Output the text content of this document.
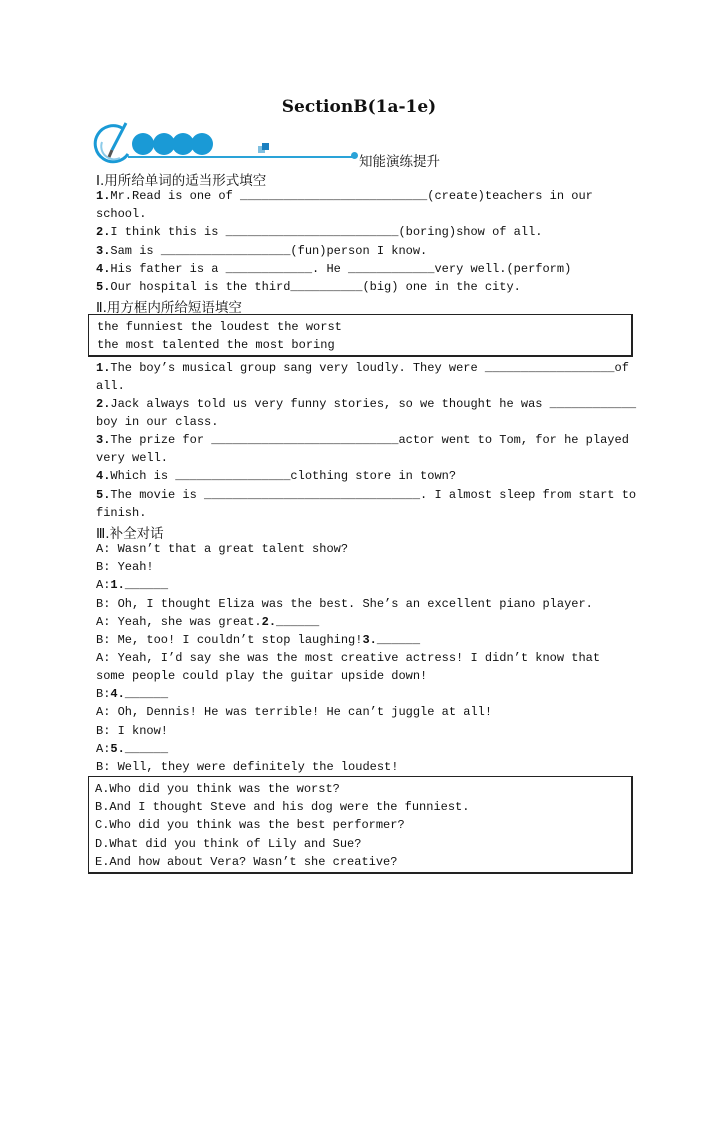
SectionB(1a-1e)
知能演练提升
Ⅰ.用所给单词的适当形式填空
1.Mr.Read is one of __________________________(create)teachers in our
school.
2.I think this is ________________________(boring)show of all.
3.Sam is __________________(fun)person I know.
4.His father is a ____________. He ____________very well.(perform)
5.Our hospital is the third__________(big) one in the city.
Ⅱ.用方框内所给短语填空
the funniest the loudest the worst
the most talented the most boring
1.The boy’s musical group sang very loudly. They were __________________of
all.
2.Jack always told us very funny stories, so we thought he was ____________
boy in our class.
3.The prize for __________________________actor went to Tom, for he played
very well.
4.Which is ________________clothing store in town?
5.The movie is ______________________________. I almost sleep from start to
finish.
Ⅲ.补全对话
A: Wasn’t that a great talent show?
B: Yeah!
A:1.______
B: Oh, I thought Eliza was the best. She’s an excellent piano player.
A: Yeah, she was great.2.______
B: Me, too! I couldn’t stop laughing!3.______
A: Yeah, I’d say she was the most creative actress! I didn’t know that
some people could play the guitar upside down!
B:4.______
A: Oh, Dennis! He was terrible! He can’t juggle at all!
B: I know!
A:5.______
B: Well, they were definitely the loudest!
A.Who did you think was the worst?
B.And I thought Steve and his dog were the funniest.
C.Who did you think was the best performer?
D.What did you think of Lily and Sue?
E.And how about Vera? Wasn’t she creative?
